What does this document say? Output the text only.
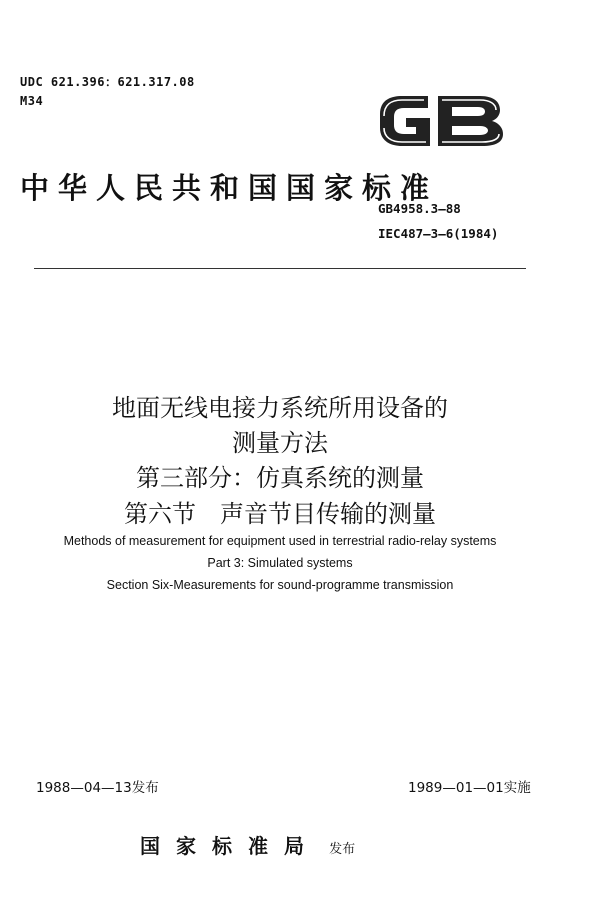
UDC 621.396：621.317.08
M34
中华人民共和国国家标准
GB4958.3—88
IEC487—3—6(1984)
地面无线电接力系统所用设备的
测量方法
第三部分：仿真系统的测量
第六节　声音节目传输的测量
Methods of measurement for equipment used in terrestrial radio-relay systems
Part 3: Simulated systems
Section Six-Measurements for sound-programme transmission
1988—04—13发布	1989—01—01实施
国家标准局 发布
